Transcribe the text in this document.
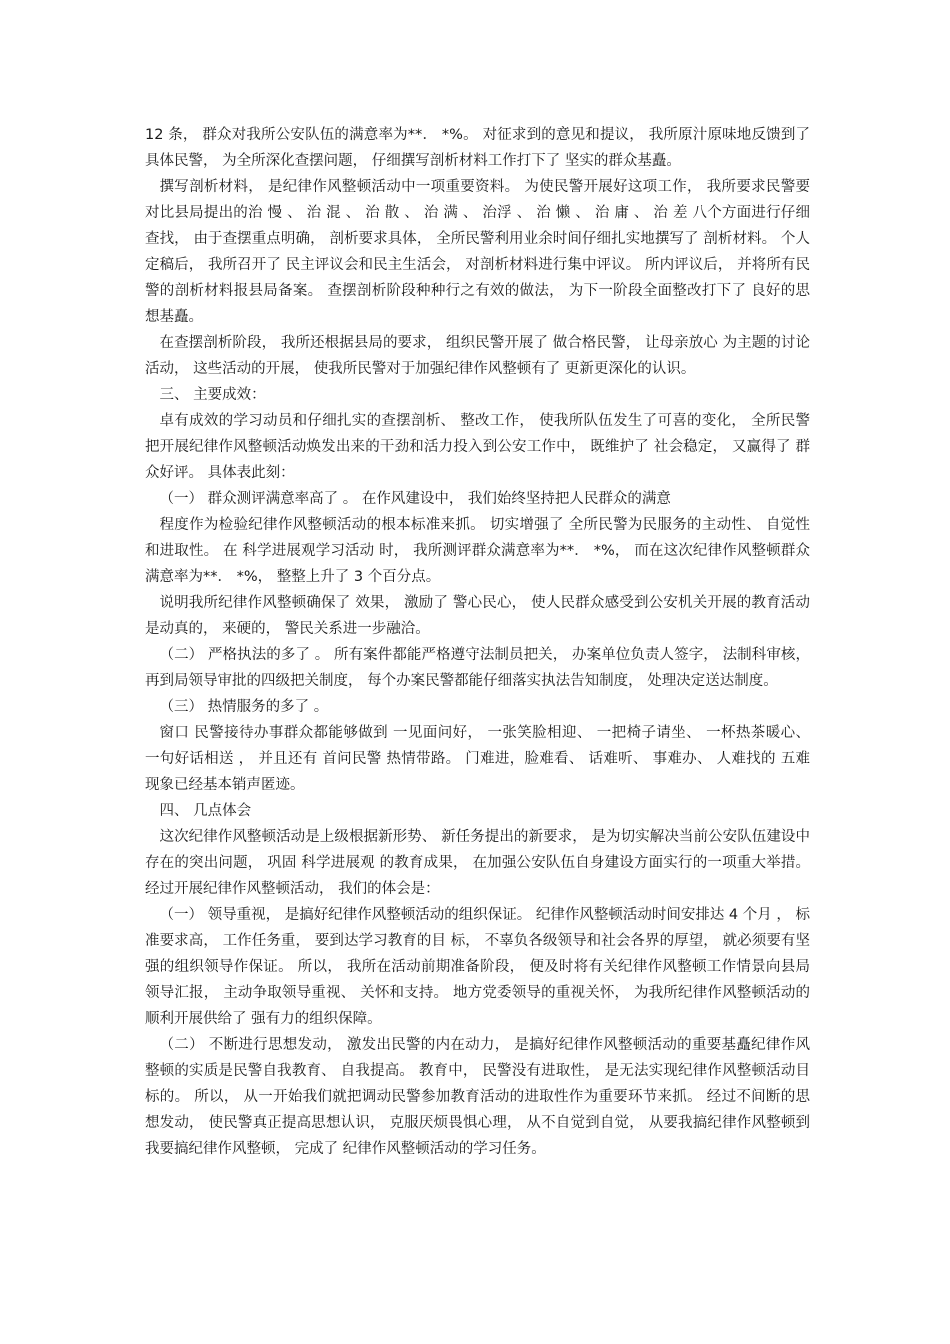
12 条， 群众对我所公安队伍的满意率为**． *%。 对征求到的意见和提议， 我所原汁原味地反馈到了 具体民警， 为全所深化查摆问题， 仔细撰写剖析材料工作打下了 坚实的群众基矗。

撰写剖析材料， 是纪律作风整顿活动中一项重要资料。 为使民警开展好这项工作， 我所要求民警要对比县局提出的治 慢 、 治 混 、 治 散 、 治 满 、 治浮 、 治 懒 、 治 庸 、 治 差 八个方面进行仔细查找， 由于查摆重点明确， 剖析要求具体， 全所民警利用业余时间仔细扎实地撰写了 剖析材料。 个人定稿后， 我所召开了 民主评议会和民主生活会， 对剖析材料进行集中评议。 所内评议后， 并将所有民警的剖析材料报县局备案。 查摆剖析阶段种种行之有效的做法， 为下一阶段全面整改打下了 良好的思想基矗。

在查摆剖析阶段， 我所还根据县局的要求， 组织民警开展了 做合格民警， 让母亲放心 为主题的讨论活动， 这些活动的开展， 使我所民警对于加强纪律作风整顿有了 更新更深化的认识。

三、 主要成效：

卓有成效的学习动员和仔细扎实的查摆剖析、 整改工作， 使我所队伍发生了可喜的变化， 全所民警把开展纪律作风整顿活动焕发出来的干劲和活力投入到公安工作中， 既维护了 社会稳定， 又赢得了 群众好评。 具体表此刻：

（一） 群众测评满意率高了 。 在作风建设中， 我们始终坚持把人民群众的满意

程度作为检验纪律作风整顿活动的根本标准来抓。 切实增强了 全所民警为民服务的主动性、 自觉性和进取性。 在 科学进展观学习活动 时， 我所测评群众满意率为**． *%， 而在这次纪律作风整顿群众满意率为**． *%， 整整上升了 3 个百分点。

说明我所纪律作风整顿确保了 效果， 激励了 警心民心， 使人民群众感受到公安机关开展的教育活动是动真的， 来硬的， 警民关系进一步融洽。

（二） 严格执法的多了 。 所有案件都能严格遵守法制员把关， 办案单位负责人签字， 法制科审核， 再到局领导审批的四级把关制度， 每个办案民警都能仔细落实执法告知制度， 处理决定送达制度。

（三） 热情服务的多了 。

窗口 民警接待办事群众都能够做到 一见面问好， 一张笑脸相迎、 一把椅子请坐、 一杯热茶暖心、 一句好话相送 ， 并且还有 首问民警 热情带路。 门难进，脸难看、 话难听、 事难办、 人难找的 五难 现象已经基本销声匿迹。

四、 几点体会

这次纪律作风整顿活动是上级根据新形势、 新任务提出的新要求， 是为切实解决当前公安队伍建设中存在的突出问题， 巩固 科学进展观 的教育成果， 在加强公安队伍自身建设方面实行的一项重大举措。 经过开展纪律作风整顿活动， 我们的体会是：

（一） 领导重视， 是搞好纪律作风整顿活动的组织保证。 纪律作风整顿活动时间安排达 4 个月 ， 标准要求高， 工作任务重， 要到达学习教育的目 标， 不辜负各级领导和社会各界的厚望， 就必须要有坚强的组织领导作保证。 所以， 我所在活动前期准备阶段， 便及时将有关纪律作风整顿工作情景向县局领导汇报， 主动争取领导重视、 关怀和支持。 地方党委领导的重视关怀， 为我所纪律作风整顿活动的顺利开展供给了 强有力的组织保障。

（二） 不断进行思想发动， 激发出民警的内在动力， 是搞好纪律作风整顿活动的重要基矗纪律作风整顿的实质是民警自我教育、 自我提高。 教育中， 民警没有进取性， 是无法实现纪律作风整顿活动目 标的。 所以， 从一开始我们就把调动民警参加教育活动的进取性作为重要环节来抓。 经过不间断的思想发动， 使民警真正提高思想认识， 克服厌烦畏惧心理， 从不自觉到自觉， 从要我搞纪律作风整顿到我要搞纪律作风整顿， 完成了 纪律作风整顿活动的学习任务。
